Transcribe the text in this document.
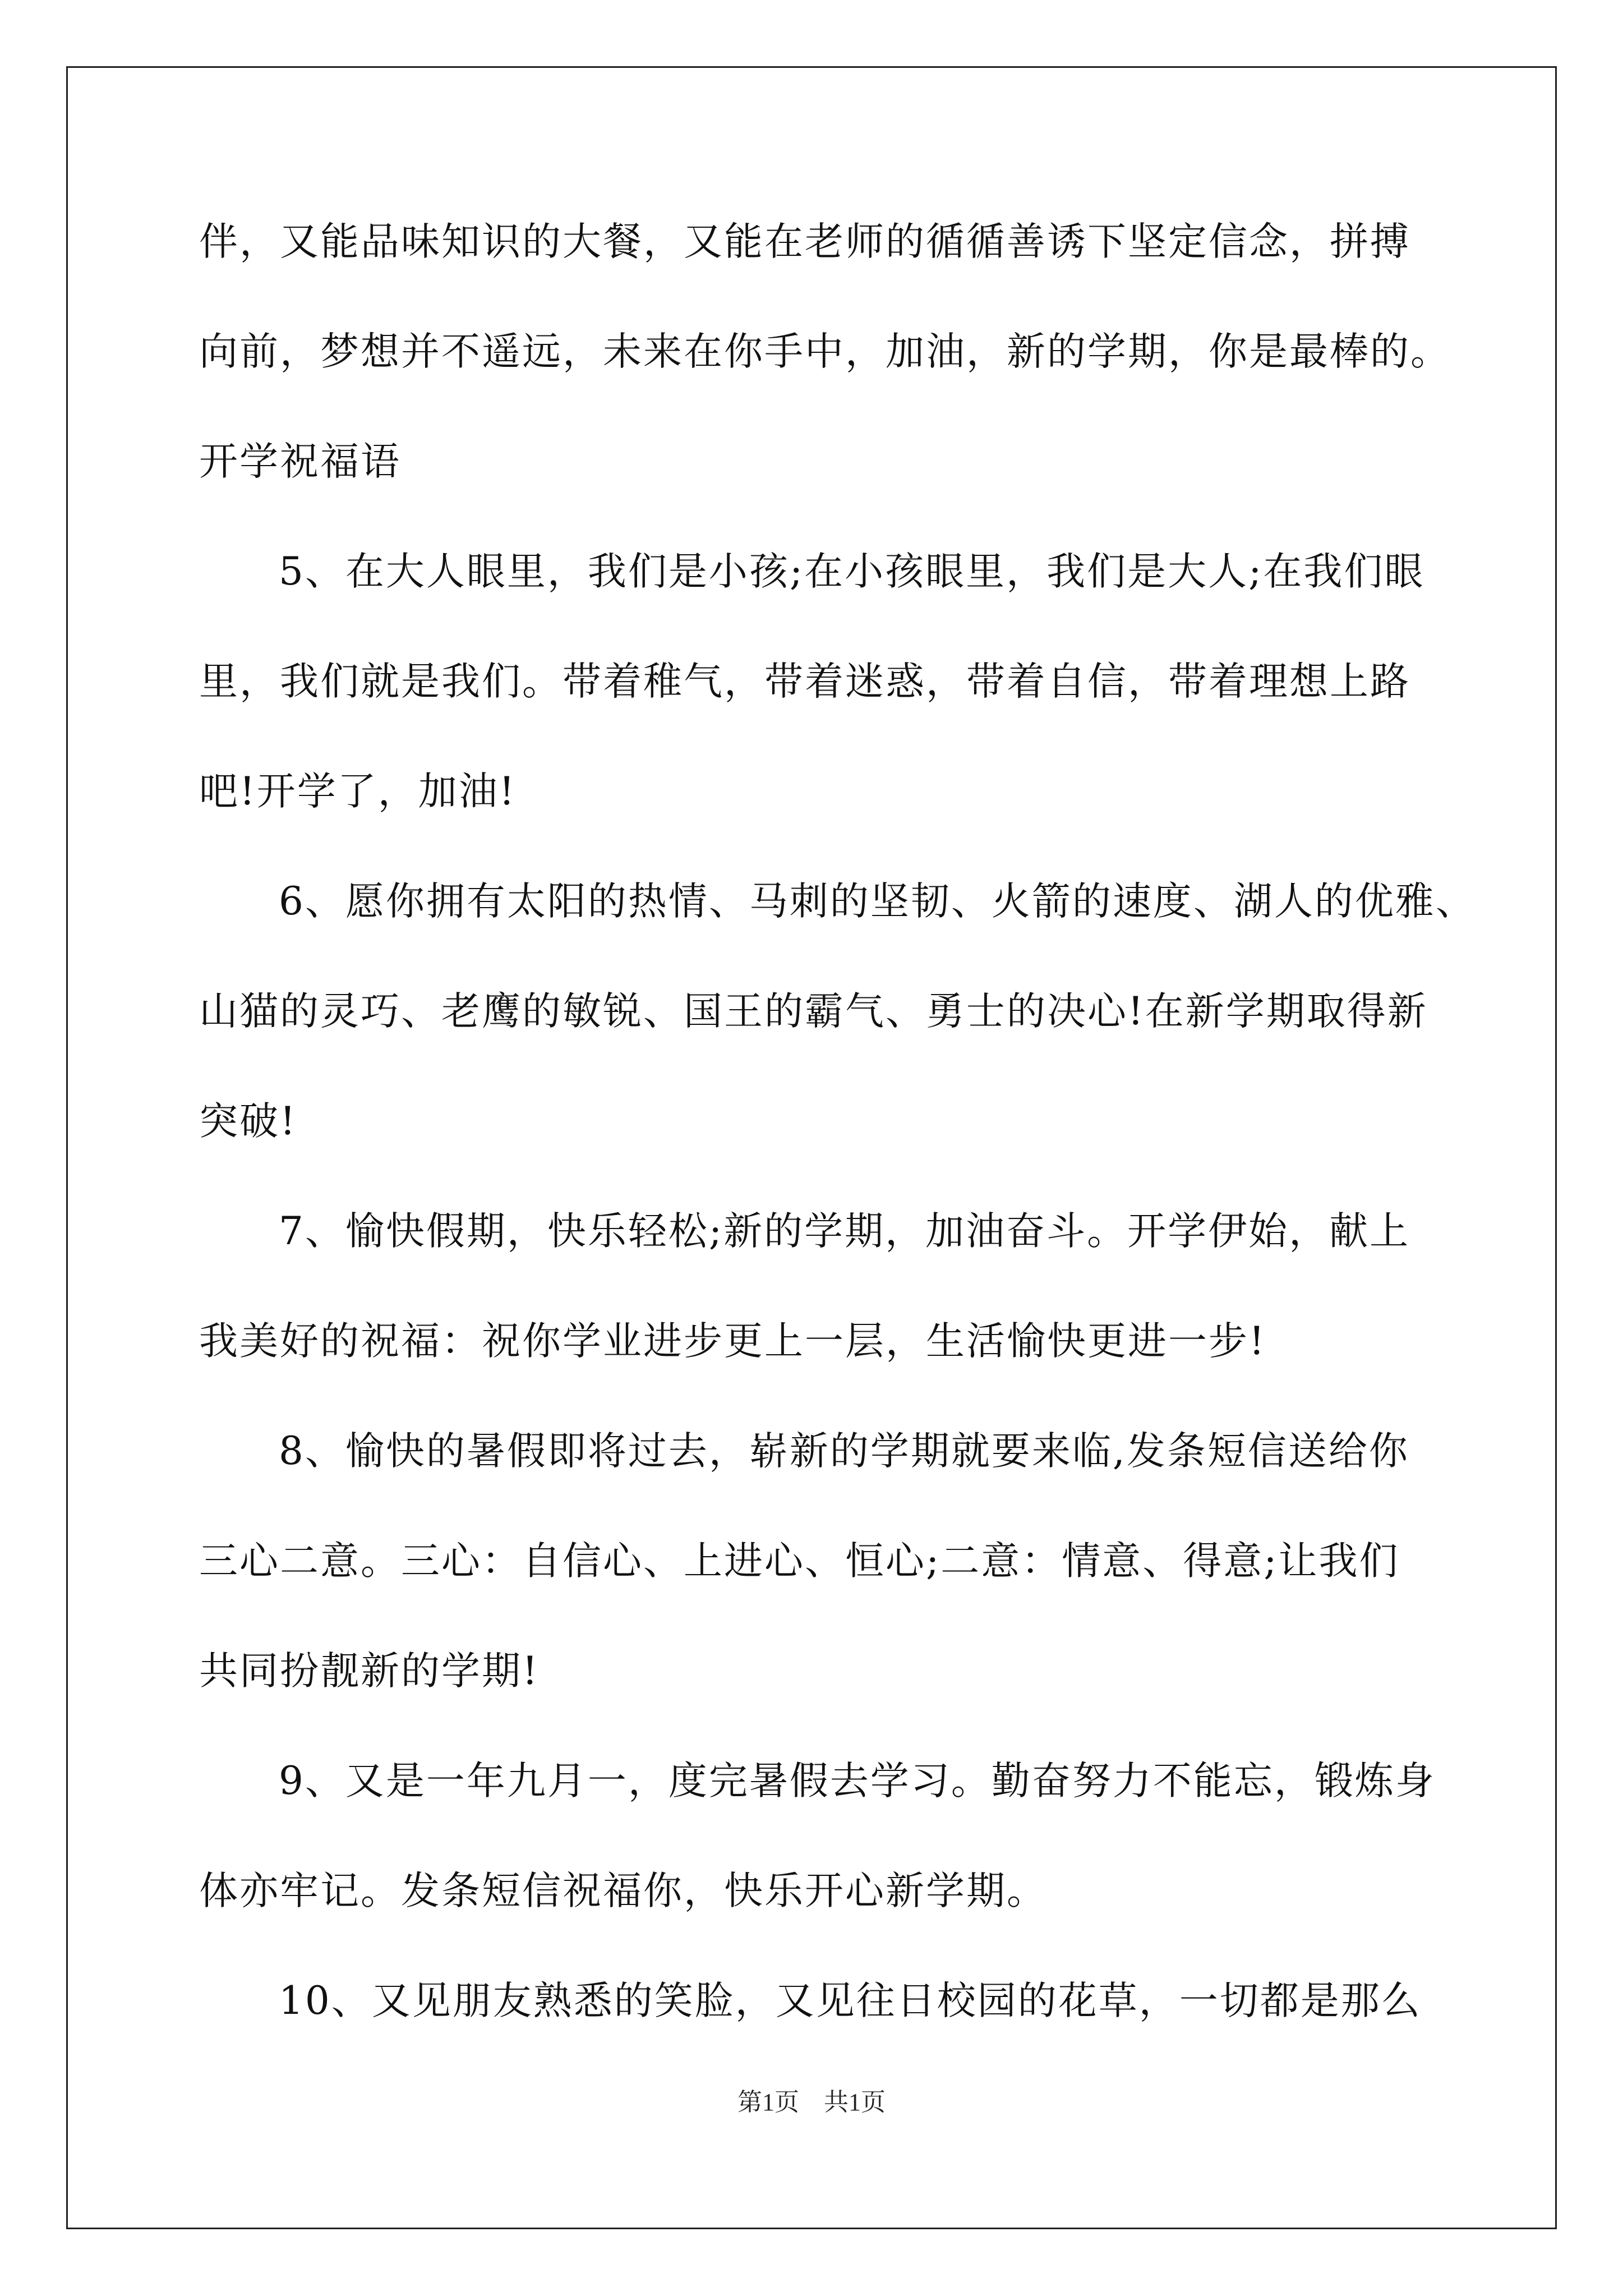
伴，又能品味知识的大餐，又能在老师的循循善诱下坚定信念，拼搏
向前，梦想并不遥远，未来在你手中，加油，新的学期，你是最棒的。
开学祝福语
5、在大人眼里，我们是小孩;在小孩眼里，我们是大人;在我们眼
里，我们就是我们。带着稚气，带着迷惑，带着自信，带着理想上路
吧!开学了，加油!
6、愿你拥有太阳的热情、马刺的坚韧、火箭的速度、湖人的优雅、
山猫的灵巧、老鹰的敏锐、国王的霸气、勇士的决心!在新学期取得新
突破!
7、愉快假期，快乐轻松;新的学期，加油奋斗。开学伊始，献上
我美好的祝福：祝你学业进步更上一层，生活愉快更进一步!
8、愉快的暑假即将过去，崭新的学期就要来临,发条短信送给你
三心二意。三心：自信心、上进心、恒心;二意：情意、得意;让我们
共同扮靓新的学期!
9、又是一年九月一，度完暑假去学习。勤奋努力不能忘，锻炼身
体亦牢记。发条短信祝福你，快乐开心新学期。
10、又见朋友熟悉的笑脸，又见往日校园的花草，一切都是那么
第1页　共1页
